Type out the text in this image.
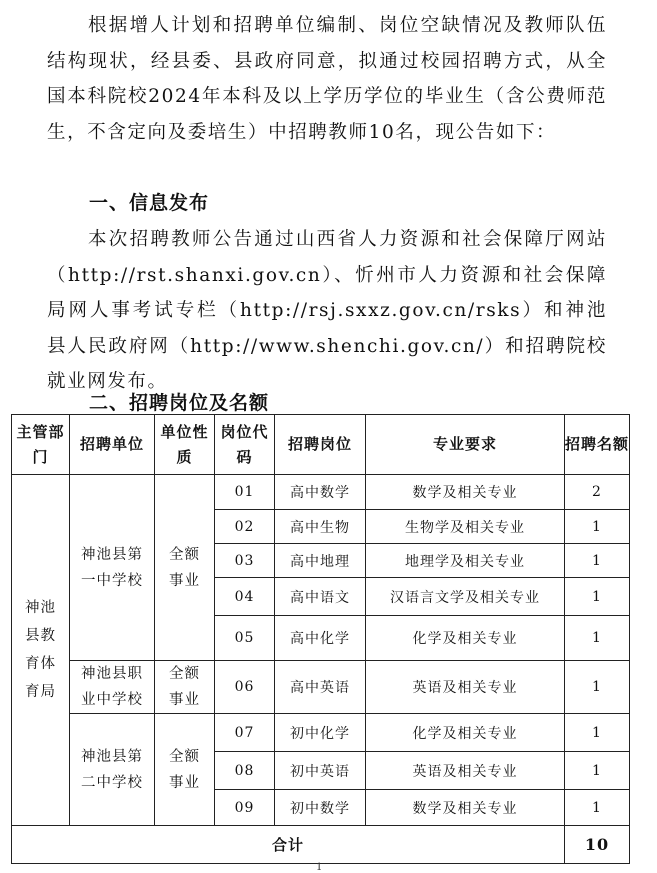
根据增人计划和招聘单位编制、岗位空缺情况及教师队伍结构现状，经县委、县政府同意，拟通过校园招聘方式，从全国本科院校2024年本科及以上学历学位的毕业生（含公费师范生，不含定向及委培生）中招聘教师10名，现公告如下：

一、信息发布

本次招聘教师公告通过山西省人力资源和社会保障厅网站（http://rst.shanxi.gov.cn）、忻州市人力资源和社会保障局网人事考试专栏（http://rsj.sxxz.gov.cn/rsks）和神池县人民政府网（http://www.shenchi.gov.cn/）和招聘院校就业网发布。

二、招聘岗位及名额
主管部门	招聘单位	单位性质	岗位代码	招聘岗位	专业要求	招聘名额

神池县教育体育局	神池县第一中学校	全额事业	01	高中数学	数学及相关专业	2
			02	高中生物	生物学及相关专业	1
			03	高中地理	地理学及相关专业	1
			04	高中语文	汉语言文学及相关专业	1
			05	高中化学	化学及相关专业	1

	神池县职业中学校	全额事业	06	高中英语	英语及相关专业	1

	神池县第二中学校	全额事业	07	初中化学	化学及相关专业	1
			08	初中英语	英语及相关专业	1
			09	初中数学	数学及相关专业	1
合计						10
1
